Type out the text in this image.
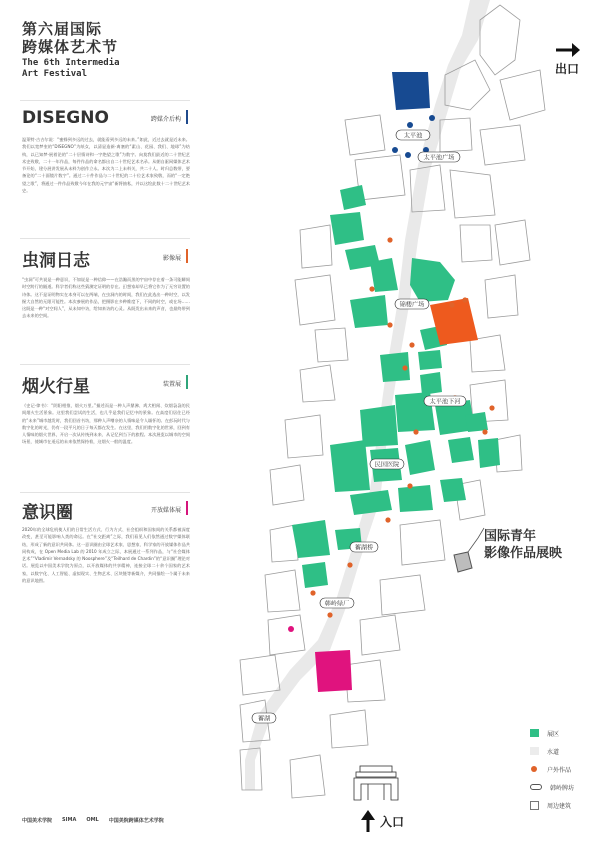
第六届国际
跨媒体艺术节
The 6th Intermedia
Art Festival
DISEGNO	跨媒介后构
温莱特·古吉尔说：“蜜蜂到多远的过去，就能看到多远的未来。”如此，近过去就是近未来。我们以宽梦室的“DISEGNO”为纸女，以清显造新·离塞的“素山、花园、我们、地球”为结构，以已知梦·展着论的“二十层情诗和一字绝望之歌”为数字。向莫我们最近的二十世纪艺术史致敬，二十一年作品，每件作品的命名都出自二十世纪艺术名录。从朝自驱网媒体艺术节开始，建分展讲发展从未料为创作立永。本次为二上未料关，共二十人。时归总数带，要备论的“二十面镜片数字”。通过二十件作品与二十世纪的二十位艺术家致敬，而的“一定绝望之歌”，将通过一件作品致敬今年在我的元宇宙“新将抽私，并以这绘此数十二十世纪艺术史。
虫洞日志	影像展
“虫洞”可共说是一种意识，不如说是一种信仰——在浩瀚而黑的宇宙中存在着一条可能瞬间时空跨行的隧道。科学者们称这些猜测定证明的存在。幻想家却早已将它作为了无穷设置的诗体。这不是证明物实在本身可以在两端，在虫洞内的时间，我们在此选出一种时空，以发掘大自然的无限可能性。本次参展的作品，把摄影在多种维度下，不同的时空，或在场……这既是一种“对空间人”，从未知中访，给知来访的心灵。从既发出未来的声音，也最终带到去未来的空间。
烟火行星	装置展
《史记·律书》：“阴阳相推，烟火万里。”描述而是一种人声鼎沸、鸡犬相闻、炊烟袅袅的民间烟火生活景象。这里我们尝试的生活，也几乎是我们记忆中的景象。在高度们居住已经的“未来”城市越发时，我们回首书坊，那种人声嘈杂的人情味是令人缅怀的。在彭玩时代与数字化的时光，仍有一段平凡的日子每天都在发生。在这里，我们用数字化的世界，回到有人情味的烟火世界，开启一次从传统到未来、从记忆到当下的旅程。本次展览以城市的空间场景，使城市在遥远的未来依然保持着，这烟火一般的温度。
意识圈	开放媒体展
2020年的全球危机使人们的日常生活方式、行为方式、社会组织和国家间的关系都被深度改变，甚至可能影响人类的命运。在“社交距离”之际，我们看见人们依然通过数字媒体联结，形成了新的意识共同体。这一意识圈由全球艺术家、思想家、科学家的开放媒体作品共同构成，在 Open Media Lab 的 2010 年成立之际，本展通过一系列作品，与“社会媒体艺术”“Vladimir Vernadsky 的 Noosphere”及“Teilhard de Chardin”的“意识圈”理论对话。展览以中国美术学院为原点，以开放媒体的共享精神，连接全球二十余个国家的艺术家，以数字化、人工智能、虚拟现实、生物艺术、区块链等新媒介，共同描绘一个属于未来的意识地图。
中国美术学院 SIMA OML 中国美院跨媒体艺术学院
太平池
太平池广场
锦楼广场
太平池下河
民国医院
蓄湖桥
韩岭绿厂
蓄湖
出口
入口
国际青年
影像作品展映
展区
水道
户外作品
韩岭牌坊
周边建筑
